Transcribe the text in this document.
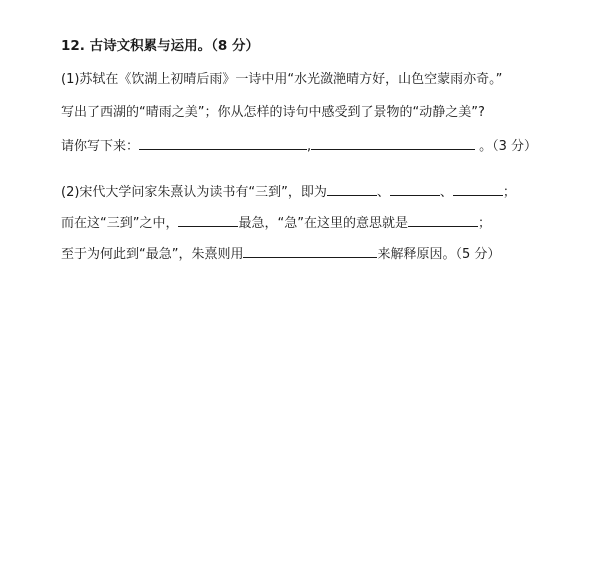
12. 古诗文积累与运用。（8 分）
(1)苏轼在《饮湖上初晴后雨》一诗中用“水光潋滟晴方好，山色空蒙雨亦奇。”
写出了西湖的“晴雨之美”；你从怎样的诗句中感受到了景物的“动静之美”?
请你写下来：	,	。（3 分）
(2)宋代大学问家朱熹认为读书有“三到”，即为	、	、	；
而在这“三到”之中，	最急，“急”在这里的意思就是	；
至于为何此到“最急”，朱熹则用	来解释原因。（5 分）
